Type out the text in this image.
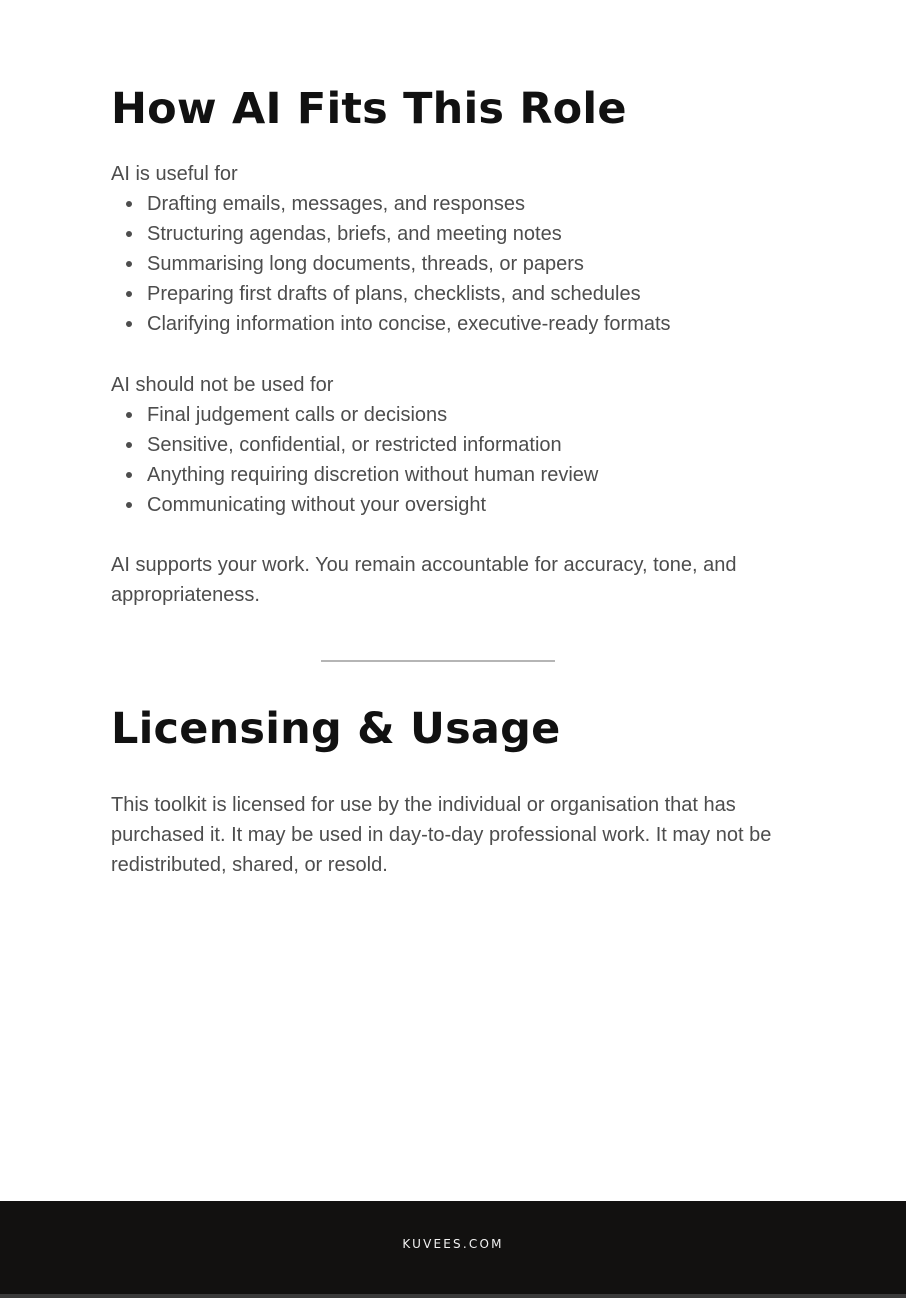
How AI Fits This Role

AI is useful for

Drafting emails, messages, and responses
Structuring agendas, briefs, and meeting notes
Summarising long documents, threads, or papers
Preparing first drafts of plans, checklists, and schedules
Clarifying information into concise, executive-ready formats

AI should not be used for

Final judgement calls or decisions
Sensitive, confidential, or restricted information
Anything requiring discretion without human review
Communicating without your oversight

AI supports your work. You remain accountable for accuracy, tone, and appropriateness.

Licensing & Usage

This toolkit is licensed for use by the individual or organisation that has purchased it. It may be used in day-to-day professional work. It may not be redistributed, shared, or resold.

KUVEES.COM
